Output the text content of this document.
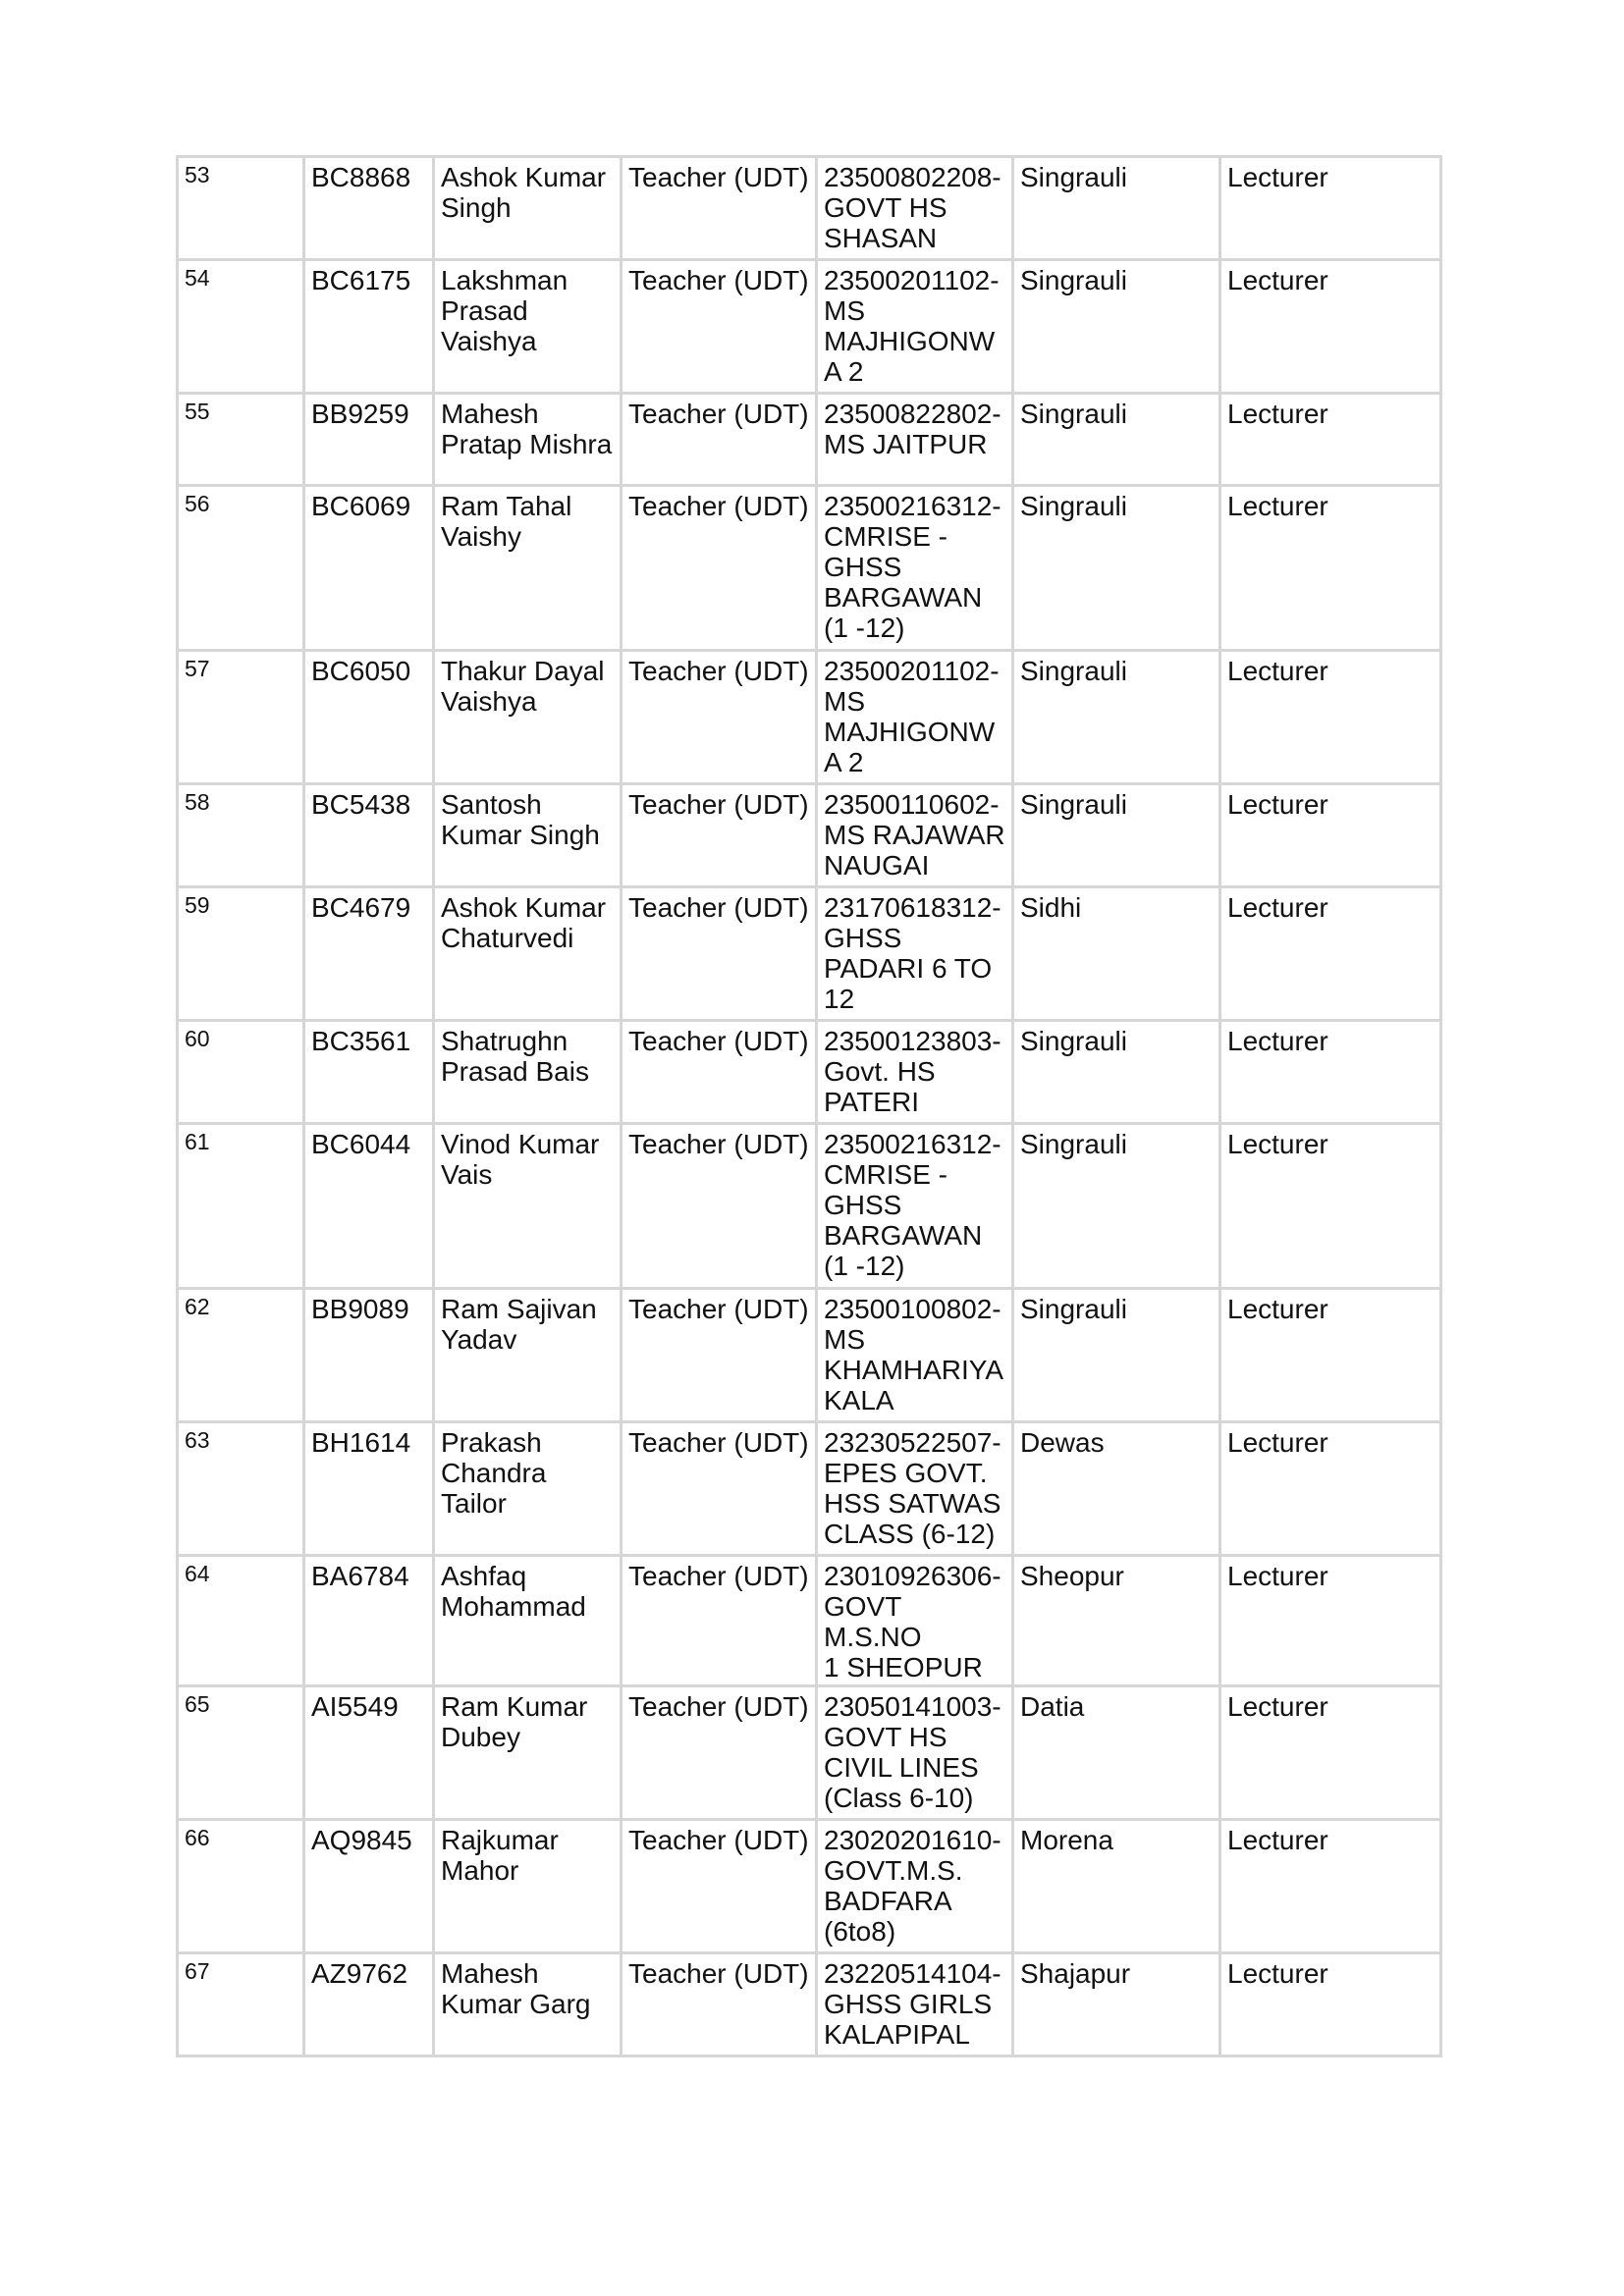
53	BC8868	Ashok Kumar
Singh	Teacher (UDT)	23500802208-
GOVT HS
SHASAN	Singrauli	Lecturer

54	BC6175	Lakshman
Prasad
Vaishya	Teacher (UDT)	23500201102-
MS
MAJHIGONW
A 2	Singrauli	Lecturer

55	BB9259	Mahesh
Pratap Mishra	Teacher (UDT)	23500822802-
MS JAITPUR	Singrauli	Lecturer

56	BC6069	Ram Tahal
Vaishy	Teacher (UDT)	23500216312-
CMRISE -
GHSS
BARGAWAN
(1 -12)	Singrauli	Lecturer

57	BC6050	Thakur Dayal
Vaishya	Teacher (UDT)	23500201102-
MS
MAJHIGONW
A 2	Singrauli	Lecturer

58	BC5438	Santosh
Kumar Singh	Teacher (UDT)	23500110602-
MS RAJAWAR
NAUGAI	Singrauli	Lecturer

59	BC4679	Ashok Kumar
Chaturvedi	Teacher (UDT)	23170618312-
GHSS
PADARI 6 TO
12	Sidhi	Lecturer

60	BC3561	Shatrughn
Prasad Bais	Teacher (UDT)	23500123803-
Govt. HS
PATERI	Singrauli	Lecturer

61	BC6044	Vinod Kumar
Vais	Teacher (UDT)	23500216312-
CMRISE -
GHSS
BARGAWAN
(1 -12)	Singrauli	Lecturer

62	BB9089	Ram Sajivan
Yadav	Teacher (UDT)	23500100802-
MS
KHAMHARIYA
KALA	Singrauli	Lecturer

63	BH1614	Prakash
Chandra
Tailor	Teacher (UDT)	23230522507-
EPES GOVT.
HSS SATWAS
CLASS (6-12)	Dewas	Lecturer

64	BA6784	Ashfaq
Mohammad	Teacher (UDT)	23010926306-
GOVT M.S.NO
1 SHEOPUR	Sheopur	Lecturer

65	AI5549	Ram Kumar
Dubey	Teacher (UDT)	23050141003-
GOVT HS
CIVIL LINES
(Class 6-10)	Datia	Lecturer

66	AQ9845	Rajkumar
Mahor	Teacher (UDT)	23020201610-
GOVT.M.S.
BADFARA
(6to8)	Morena	Lecturer

67	AZ9762	Mahesh
Kumar Garg	Teacher (UDT)	23220514104-
GHSS GIRLS
KALAPIPAL	Shajapur	Lecturer
